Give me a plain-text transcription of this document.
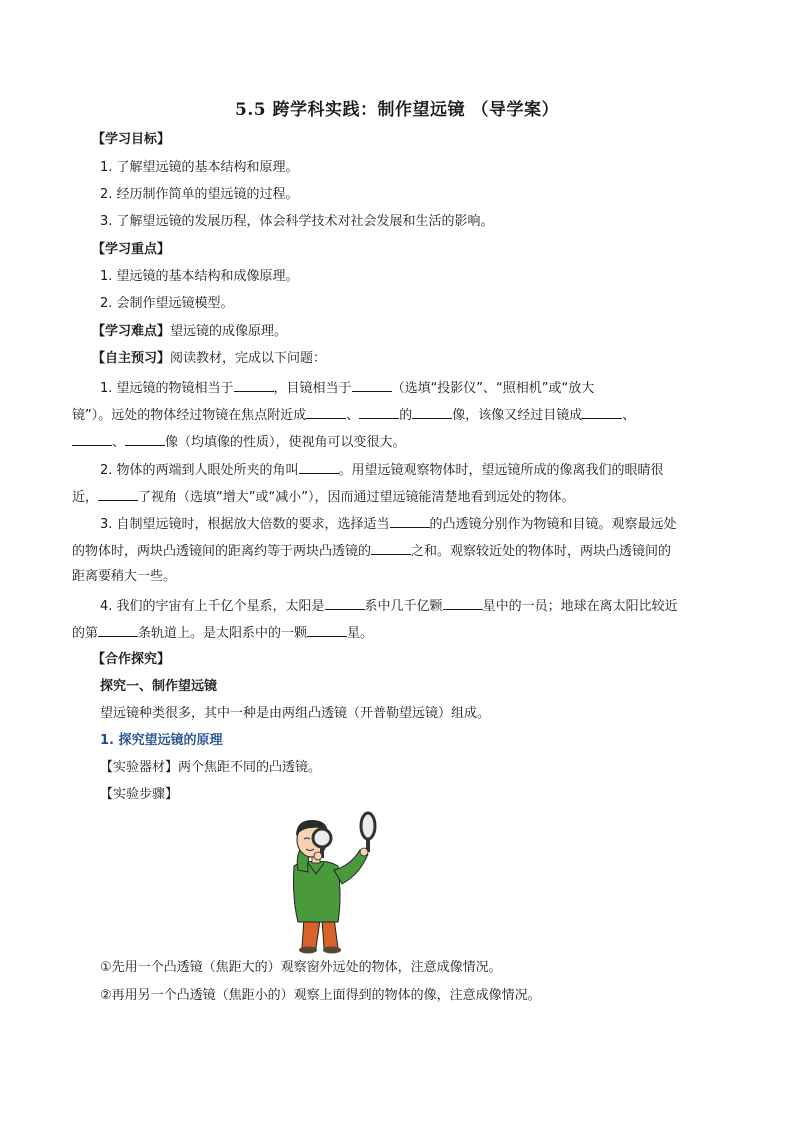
5.5 跨学科实践：制作望远镜 （导学案）
【学习目标】
1. 了解望远镜的基本结构和原理。
2. 经历制作简单的望远镜的过程。
3. 了解望远镜的发展历程，体会科学技术对社会发展和生活的影响。
【学习重点】
1. 望远镜的基本结构和成像原理。
2. 会制作望远镜模型。
【学习难点】望远镜的成像原理。
【自主预习】阅读教材，完成以下问题：
1. 望远镜的物镜相当于	，目镜相当于	（选填“投影仪”、“照相机”或“放大
镜”）。远处的物体经过物镜在焦点附近成	、	的	像，该像又经过目镜成	、
、	像（均填像的性质），使视角可以变很大。
2. 物体的两端到人眼处所夹的角叫	。用望远镜观察物体时，望远镜所成的像离我们的眼睛很
近，	了视角（选填“增大”或“减小”），因而通过望远镜能清楚地看到远处的物体。
3. 自制望远镜时，根据放大倍数的要求，选择适当	的凸透镜分别作为物镜和目镜。观察最远处
的物体时，两块凸透镜间的距离约等于两块凸透镜的	之和。观察较近处的物体时，两块凸透镜间的
距离要稍大一些。
4. 我们的宇宙有上千亿个星系，太阳是	系中几千亿颗	星中的一员；地球在离太阳比较近
的第	条轨道上。是太阳系中的一颗	星。
【合作探究】
探究一、制作望远镜
望远镜种类很多，其中一种是由两组凸透镜（开普勒望远镜）组成。
1. 探究望远镜的原理
【实验器材】两个焦距不同的凸透镜。
【实验步骤】
①先用一个凸透镜（焦距大的）观察窗外远处的物体，注意成像情况。
②再用另一个凸透镜（焦距小的）观察上面得到的物体的像，注意成像情况。
